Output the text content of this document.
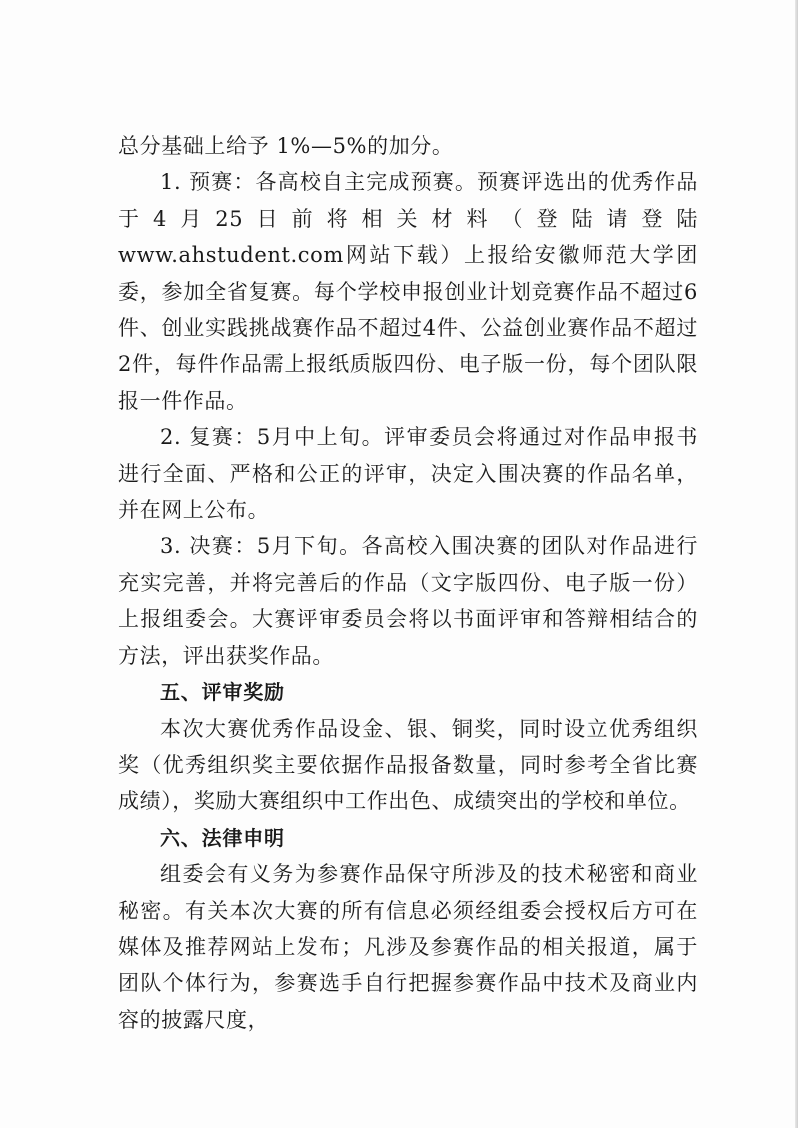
总分基础上给予 1%—5%的加分。

1. 预赛：各高校自主完成预赛。预赛评选出的优秀作品于4月25日前将相关材料（登陆请登陆www.ahstudent.com网站下载）上报给安徽师范大学团委，参加全省复赛。每个学校申报创业计划竞赛作品不超过6件、创业实践挑战赛作品不超过4件、公益创业赛作品不超过2件，每件作品需上报纸质版四份、电子版一份，每个团队限报一件作品。

2. 复赛：5月中上旬。评审委员会将通过对作品申报书进行全面、严格和公正的评审，决定入围决赛的作品名单，并在网上公布。

3. 决赛：5月下旬。各高校入围决赛的团队对作品进行充实完善，并将完善后的作品（文字版四份、电子版一份）上报组委会。大赛评审委员会将以书面评审和答辩相结合的方法，评出获奖作品。

五、评审奖励

本次大赛优秀作品设金、银、铜奖，同时设立优秀组织奖（优秀组织奖主要依据作品报备数量，同时参考全省比赛成绩），奖励大赛组织中工作出色、成绩突出的学校和单位。

六、法律申明

组委会有义务为参赛作品保守所涉及的技术秘密和商业秘密。有关本次大赛的所有信息必须经组委会授权后方可在媒体及推荐网站上发布；凡涉及参赛作品的相关报道，属于团队个体行为，参赛选手自行把握参赛作品中技术及商业内容的披露尺度，
